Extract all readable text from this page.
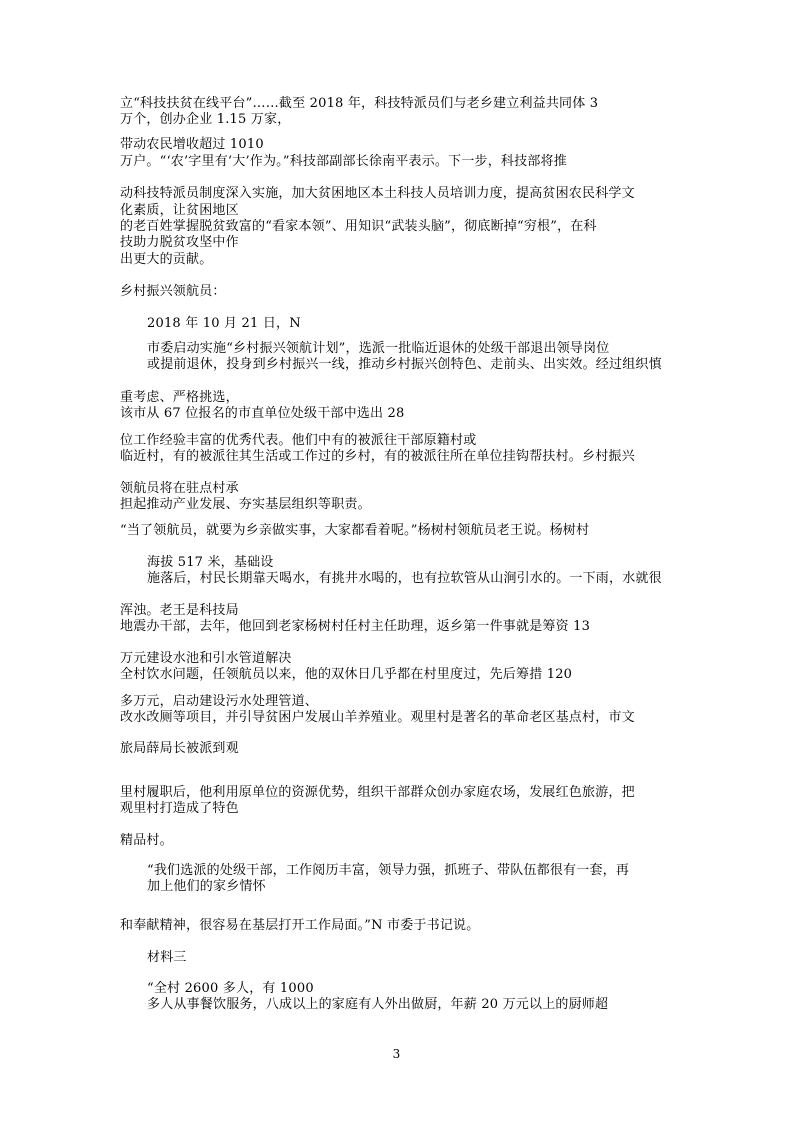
立“科技扶贫在线平台”……截至 2018 年，科技特派员们与老乡建立利益共同体 3
万个，创办企业 1.15 万家，
带动农民增收超过 1010
万户。“‘农’字里有‘大’作为。”科技部副部长徐南平表示。下一步，科技部将推
动科技特派员制度深入实施，加大贫困地区本土科技人员培训力度，提高贫困农民科学文
化素质，让贫困地区
的老百姓掌握脱贫致富的“看家本领”、用知识“武装头脑”，彻底断掉“穷根”，在科
技助力脱贫攻坚中作
出更大的贡献。
乡村振兴领航员：
2018 年 10 月 21 日，N
市委启动实施“乡村振兴领航计划”，选派一批临近退休的处级干部退出领导岗位
或提前退休，投身到乡村振兴一线，推动乡村振兴创特色、走前头、出实效。经过组织慎
重考虑、严格挑选，
该市从 67 位报名的市直单位处级干部中选出 28
位工作经验丰富的优秀代表。他们中有的被派往干部原籍村或
临近村，有的被派往其生活或工作过的乡村，有的被派往所在单位挂钩帮扶村。乡村振兴
领航员将在驻点村承
担起推动产业发展、夯实基层组织等职责。
“当了领航员，就要为乡亲做实事，大家都看着呢。”杨树村领航员老王说。杨树村
海拔 517 米，基础设
施落后，村民长期靠天喝水，有挑井水喝的，也有拉软管从山涧引水的。一下雨，水就很
浑浊。老王是科技局
地震办干部，去年，他回到老家杨树村任村主任助理，返乡第一件事就是筹资 13
万元建设水池和引水管道解决
全村饮水问题，任领航员以来，他的双休日几乎都在村里度过，先后筹措 120
多万元，启动建设污水处理管道、
改水改厕等项目，并引导贫困户发展山羊养殖业。观里村是著名的革命老区基点村，市文
旅局薛局长被派到观
里村履职后，他利用原单位的资源优势，组织干部群众创办家庭农场，发展红色旅游，把
观里村打造成了特色
精品村。
“我们选派的处级干部，工作阅历丰富，领导力强，抓班子、带队伍都很有一套，再
加上他们的家乡情怀
和奉献精神，很容易在基层打开工作局面。”N 市委于书记说。
材料三
“全村 2600 多人，有 1000
多人从事餐饮服务，八成以上的家庭有人外出做厨，年薪 20 万元以上的厨师超
3
